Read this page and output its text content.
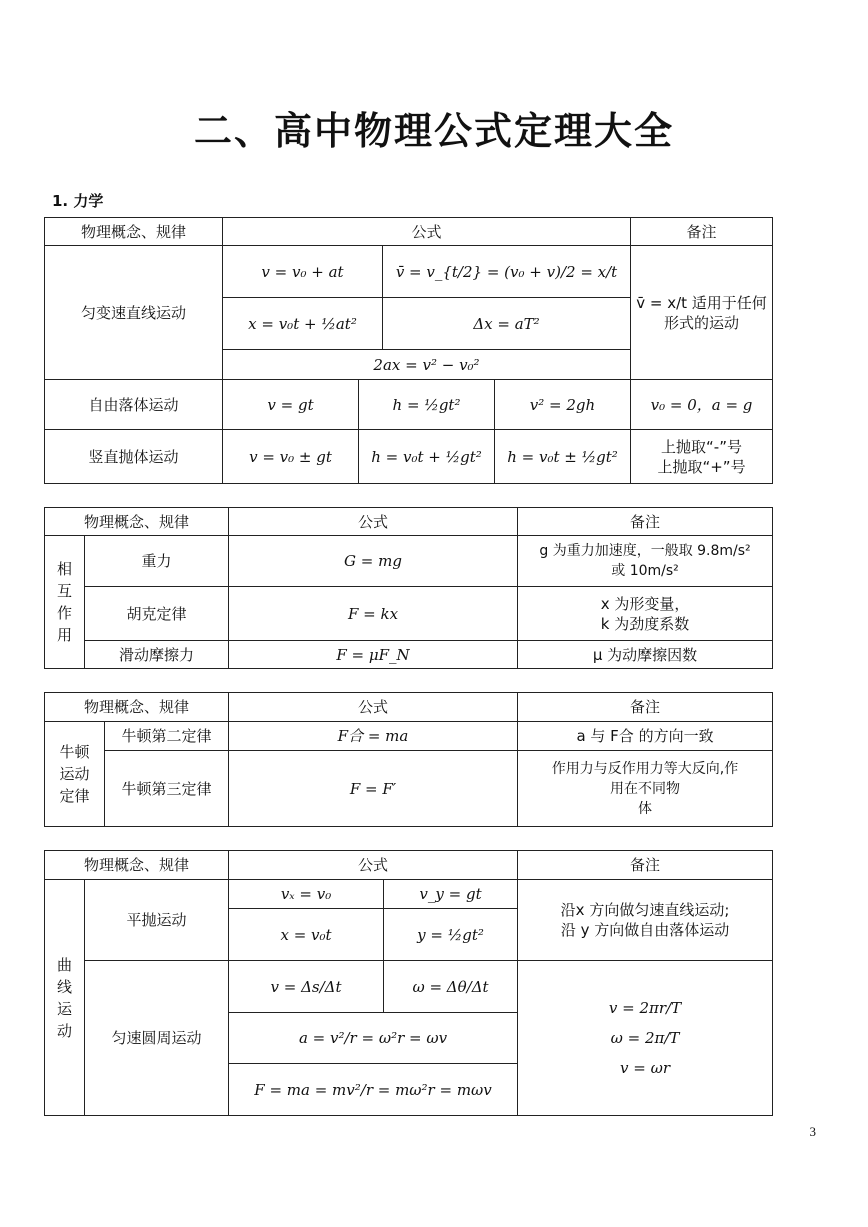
二、高中物理公式定理大全
1. 力学
物理概念、规律	公式				备注
匀变速直线运动	v = v₀ + at		v̄ = v_{t/2} = (v₀ + v)/2 = x/t		v̄ = x/t 适用于任何形式的运动
	x = v₀t + ½at²		Δx = aT²		
	2ax = v² − v₀²				
自由落体运动	v = gt	h = ½gt²		v² = 2gh	v₀ = 0，a = g
竖直抛体运动	v = v₀ ± gt	h = v₀t + ½gt²		h = v₀t ± ½gt²	上抛取“-”号
上抛取“+”号
物理概念、规律		公式	备注

相互作用	重力	G = mg	g 为重力加速度，一般取 9.8m/s²
或 10m/s²

	胡克定律	F = kx	x 为形变量，
k 为劲度系数

	滑动摩擦力	F = μF_N	μ 为动摩擦因数
物理概念、规律		公式	备注

牛顿运动定律	牛顿第二定律	F合 = ma	a 与 F合 的方向一致
	牛顿第三定律	F = F′	作用力与反作用力等大反向,作
用在不同物
体
物理概念、规律		公式		备注

曲线运动	平抛运动	vₓ = v₀	v_y = gt	沿x 方向做匀速直线运动;
沿 y 方向做自由落体运动

		x = v₀t	y = ½gt²	
	匀速圆周运动	v = Δs/Δt	ω = Δθ/Δt	v = 2πr/T
ω = 2π/T
v = ωr

		a = v²/r = ω²r = ωv		
		F = ma = mv²/r = mω²r = mωv		
3
